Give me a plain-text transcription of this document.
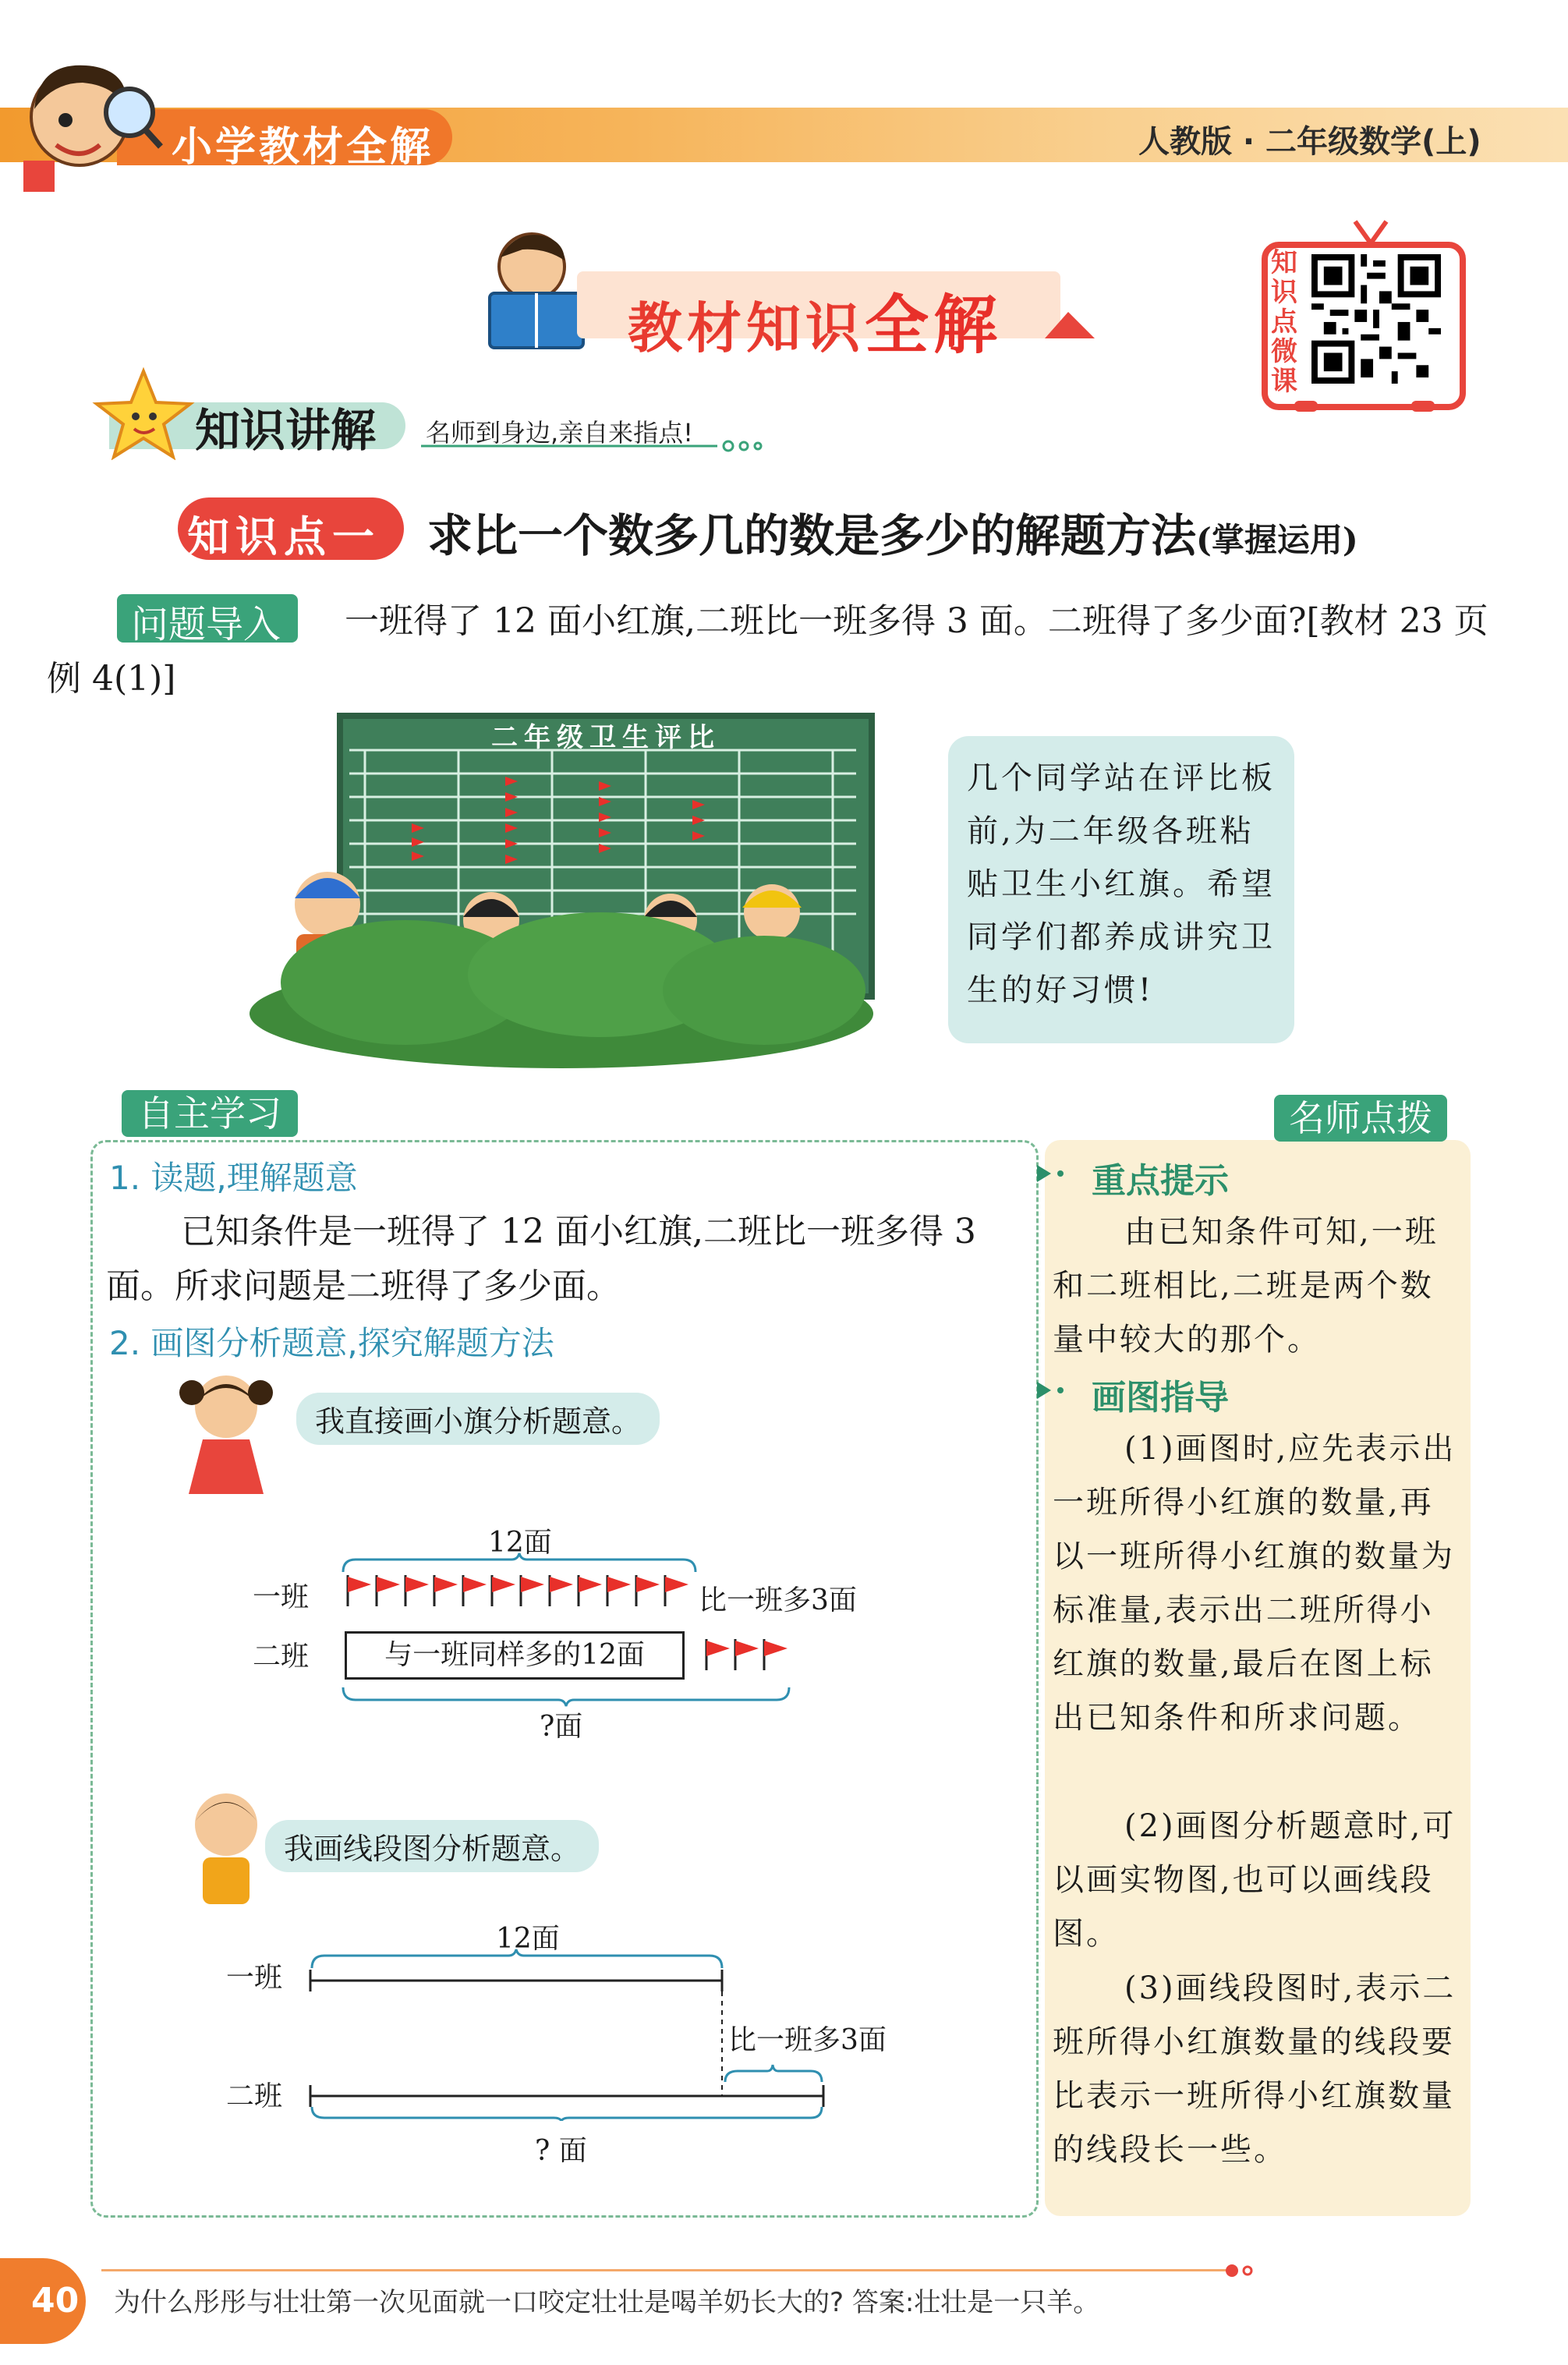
小学教材全解	人教版 · 二年级数学(上)
教材知识全解
知识点微课
知识讲解 名师到身边,亲自来指点!
知识点一 求比一个数多几的数是多少的解题方法(掌握运用)
问题导入	一班得了 12 面小红旗,二班比一班多得 3 面。二班得了多少面?[教材 23 页例 4(1)]
二年级卫生评比
几个同学站在评比板前,为二年级各班粘贴卫生小红旗。希望同学们都养成讲究卫生的好习惯!
自主学习
1. 读题,理解题意
已知条件是一班得了 12 面小红旗,二班比一班多得 3 面。所求问题是二班得了多少面。
2. 画图分析题意,探究解题方法
我直接画小旗分析题意。
12面
一班	比一班多3面
二班	与一班同样多的12面
?面
我画线段图分析题意。
12面
一班
比一班多3面
二班
? 面
名师点拨
重点提示
由已知条件可知,一班和二班相比,二班是两个数量中较大的那个。
画图指导
(1)画图时,应先表示出一班所得小红旗的数量,再以一班所得小红旗的数量为标准量,表示出二班所得小红旗的数量,最后在图上标出已知条件和所求问题。
(2)画图分析题意时,可以画实物图,也可以画线段图。
(3)画线段图时,表示二班所得小红旗数量的线段要比表示一班所得小红旗数量的线段长一些。
40 为什么彤彤与壮壮第一次见面就一口咬定壮壮是喝羊奶长大的? 答案:壮壮是一只羊。
